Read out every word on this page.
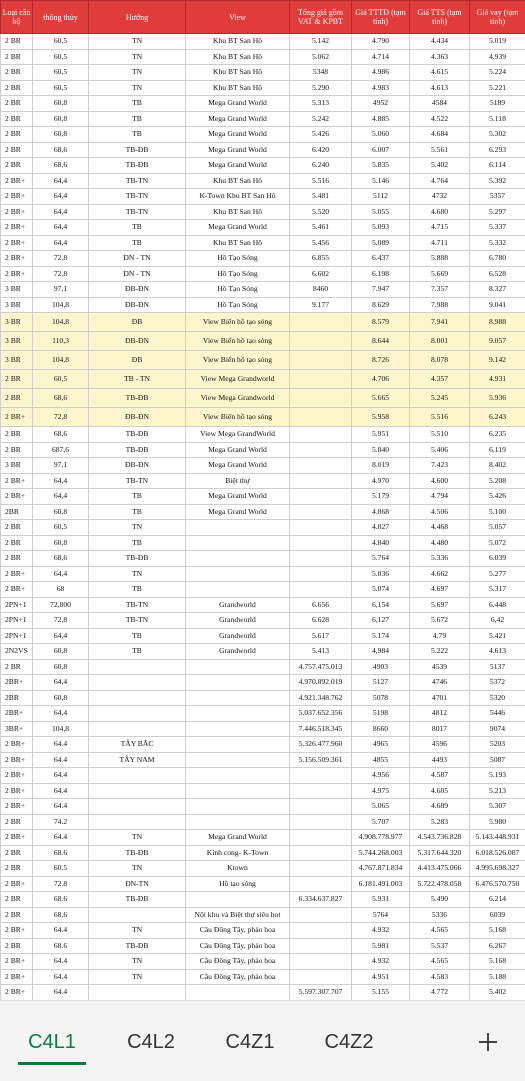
Loại căn hộ	thông thủy	Hướng	View	Tổng giá gồm VAT & KPBT	Giá TTTĐ (tạm tính)	Giá TTS (tạm tính)	Giá vay (tạm tính)
2 BR	60,5	TN	Khu BT San Hô	5.142	4.790	4.434	5.019
2 BR	60,5	TN	Khu BT San Hô	5.062	4.714	4.363	4.939
2 BR	60,5	TN	Khu BT San Hô	5348	4.986	4.615	5.224
2 BR	60,5	TN	Khu BT San Hô	5.290	4.983	4.613	5.221
2 BR	60,8	TB	Mega Grand World	5.313	4952	4584	5189
2 BR	60,8	TB	Mega Grand World	5.242	4.885	4.522	5.118
2 BR	60,8	TB	Mega Grand World	5.426	5.060	4.684	5.302
2 BR	68,6	TB-ĐB	Mega Grand World	6.420	6.007	5.561	6.293
2 BR	68,6	TB-ĐB	Mega Grand World	6.240	5.835	5.402	6.114
2 BR+	64,4	TB-TN	Khu BT San Hô	5.516	5.146	4.764	5.392
2 BR+	64,4	TB-TN	K-Town Khu BT San Hô	5.481	5112	4732	5357
2 BR+	64,4	TB-TN	Khu BT San Hô	5.520	5.055	4.680	5.297
2 BR+	64,4	TB	Mega Grand World	5.461	5.093	4.715	5.337
2 BR+	64,4	TB	Khu BT San Hô	5.456	5.089	4.711	5.332
2 BR+	72,8	ĐN - TN	Hồ Tạo Sóng	6.855	6.437	5.888	6.780
2 BR+	72,8	ĐN - TN	Hồ Tạo Sóng	6.602	6.198	5.669	6.528
3 BR	97,1	ĐB-ĐN	Hồ Tạo Sóng	8460	7.947	7.357	8.327
3 BR	104,8	ĐB-ĐN	Hồ Tạo Sóng	9.177	8.629	7.988	9.041
3 BR	104,8	ĐB	View Biển hồ tạo sóng		8.579	7.941	8.988
3 BR	110,3	ĐB-ĐN	View Biển hồ tạo sóng		8.644	8.001	9.057
3 BR	104,8	ĐB	View Biển hồ tạo sóng		8.726	8.078	9.142
2 BR	60,5	TB - TN	View Mega Grandworld		4.706	4.357	4.931
2 BR	68,6	TB-ĐB	View Mega Grandworld		5.665	5.245	5.936
2 BR+	72,8	ĐB-ĐN	View Biển hồ tạo sóng		5.958	5.516	6.243
2 BR	68,6	TB-ĐB	View Mega GrandWorld		5.951	5.510	6.235
2 BR	687,6	TB-ĐB	Mega Grand World		5.840	5.406	6.119
3 BR	97,1	ĐB-ĐN	Mega Grand World		8.019	7.423	8.402
2 BR+	64,4	TB-TN	Biệt thự		4.970	4.600	5.208
2 BR+	64,4	TB	Mega Grand World		5.179	4.794	5.426
2BR	60,8	TB	Mega Grand World		4.868	4.506	5.100
2 BR	60,5	TN			4.827	4.468	5.057
2 BR	60,8	TB			4.840	4.480	5.072
2 BR	68,6	TB-ĐB			5.764	5.336	6.039
2 BR+	64,4	TN			5.036	4.662	5.277
2 BR+	68	TB			5.074	4.697	5.317
2PN+1	72,800	TB-TN	Grandworld	6.656	6,154	5.697	6.448
2PN+1	72,8	TB-TN	Grandworld	6.628	6,127	5.672	6,42
2PN+1	64,4	TB	Grandworld	5.617	5.174	4.79	5.421
2N2VS	60,8	TB	Grandworld	5.413	4,984	5.222	4.613
2 BR	60,8			4.757.475.013	4903	4539	5137
2BR+	64,4			4.970.892.019	5127	4746	5372
2BR	60,8			4.921.348.762	5078	4701	5320
2BR+	64,4			5.037.652.356	5198	4812	5446
3BR+	104,8			7.446.518.345	8660	8017	9074
2 BR+	64.4	TÂY BẮC		5.326.477.960	4965	4596	5203
2 BR+	64.4	TÂY NAM		5.156.509.361	4855	4493	5087
2 BR+	64.4				4.956	4.587	5.193
2 BR+	64.4				4.975	4.605	5.213
2 BR+	64.4				5.065	4.689	5.307
2 BR	74.2				5.707	5.283	5.980
2 BR+	64.4	TN	Mega Grand World		4.908.778.977	4.543.736.828	5.143.448.931
2 BR	68.6	TB-ĐB	Kinh cong- K-Town		5.744.268.003	5.317.644.320	6.018.526.087
2 BR	60.5	TN	Ktown		4.767.871.834	4.413.475.066	4.995.698.327
2 BR+	72.8	ĐN-TN	Hồ tạo sóng		6.181.491.003	5.722.478.058	6.476.570.750
2 BR	68.6	TB-ĐB		6.334.637.827	5.931	5.490	6.214
2 BR	68,6		Nội khu và Biệt thự siêu hot		5764	5336	6039
2 BR+	64.4	TN	Cầu Đông Tây, pháo hoa		4.932	4.565	5.168
2 BR	68.6	TB-ĐB	Cầu Đông Tây, pháo hoa		5.981	5.537	6.267
2 BR+	64.4	TN	Cầu Đông Tây, pháo hoa		4.932	4.565	5.168
2 BR+	64.4	TN	Cầu Đông Tây, pháo hoa		4.951	4.583	5.188
2 BR+	64.4			5.597.307.707	5.155	4.772	5.402
C4L1	C4L2	C4Z1	C4Z2
